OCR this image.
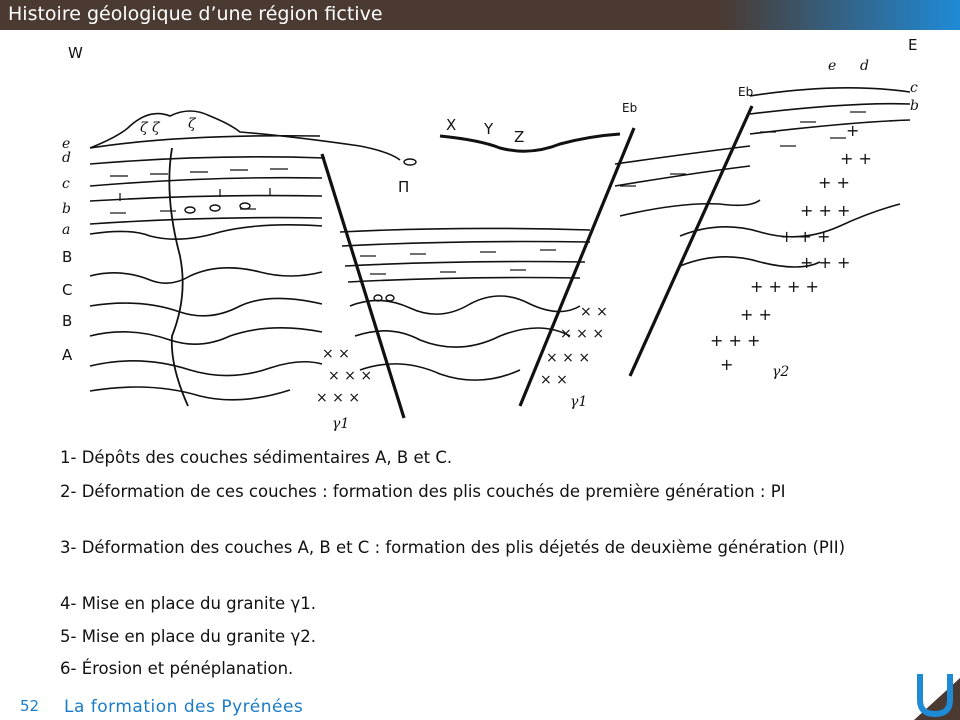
Histoire géologique d’une région fictive
W	E
e
d
c
b
a
B
C
B
A
e d
c
b
ζ ζ ζ	X Y Z
Π
Eb
Eb
× ×
× × ×
× × ×
× ×
× × ×
× × ×
× ×
+
+ +
+ +
+ + +
+ + +
+ + +
+ + + +
+ +
+ + +
+
γ1
γ1
γ2
1- Dépôts des couches sédimentaires A, B et C.
2- Déformation de ces couches : formation des plis couchés de première génération : PI
3- Déformation des couches A, B et C : formation des plis déjetés de deuxième génération (PII)
4- Mise en place du granite γ1.
5- Mise en place du granite γ2.
6- Érosion et pénéplanation.
52 La formation des Pyrénées
